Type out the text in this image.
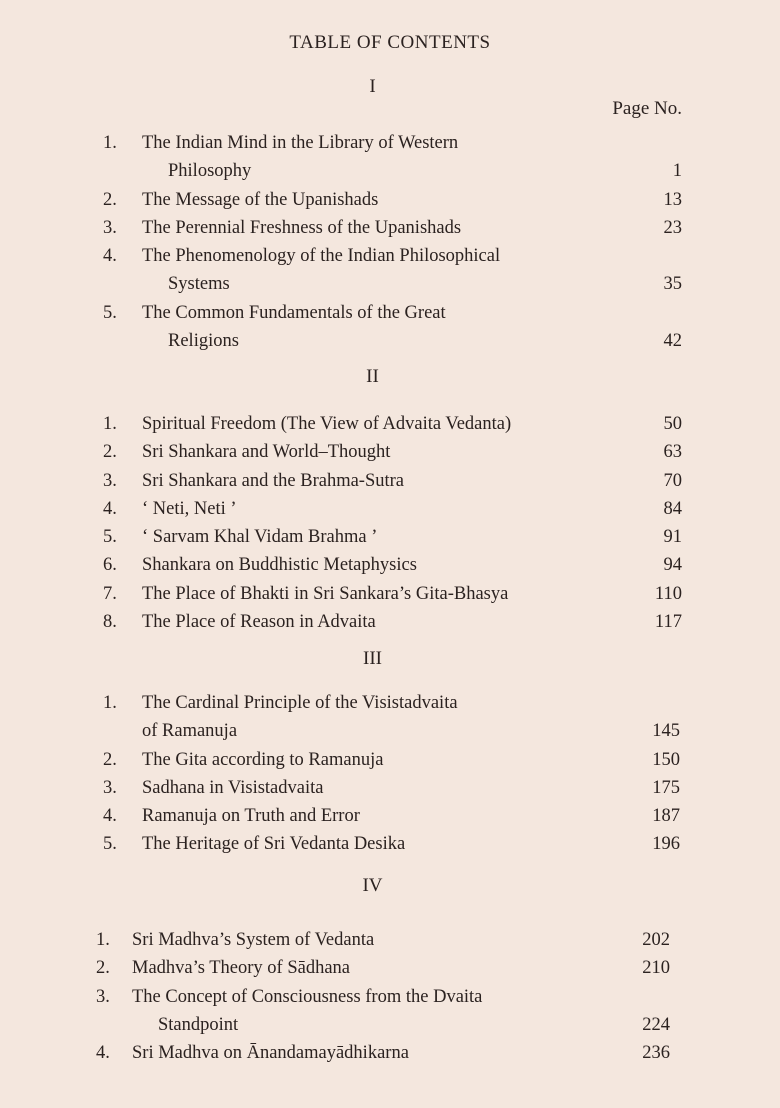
TABLE OF CONTENTS
I
Page No.
1.	The Indian Mind in the Library of Western
Philosophy	1
2.	The Message of the Upanishads	13
3.	The Perennial Freshness of the Upanishads	23
4.	The Phenomenology of the Indian Philosophical
Systems	35
5.	The Common Fundamentals of the Great
Religions	42
II
1.	Spiritual Freedom (The View of Advaita Vedanta)	50
2.	Sri Shankara and World–Thought	63
3.	Sri Shankara and the Brahma-Sutra	70
4.	‘ Neti, Neti ’	84
5.	‘ Sarvam Khal Vidam Brahma ’	91
6.	Shankara on Buddhistic Metaphysics	94
7.	The Place of Bhakti in Sri Sankara’s Gita-Bhasya	110
8.	The Place of Reason in Advaita	117
III
1.	The Cardinal Principle of the Visistadvaita
of Ramanuja	145
2.	The Gita according to Ramanuja	150
3.	Sadhana in Visistadvaita	175
4.	Ramanuja on Truth and Error	187
5.	The Heritage of Sri Vedanta Desika	196
IV
1.	Sri Madhva’s System of Vedanta	202
2.	Madhva’s Theory of Sādhana	210
3.	The Concept of Consciousness from the Dvaita
Standpoint	224
4.	Sri Madhva on Ānandamayādhikarna	236
